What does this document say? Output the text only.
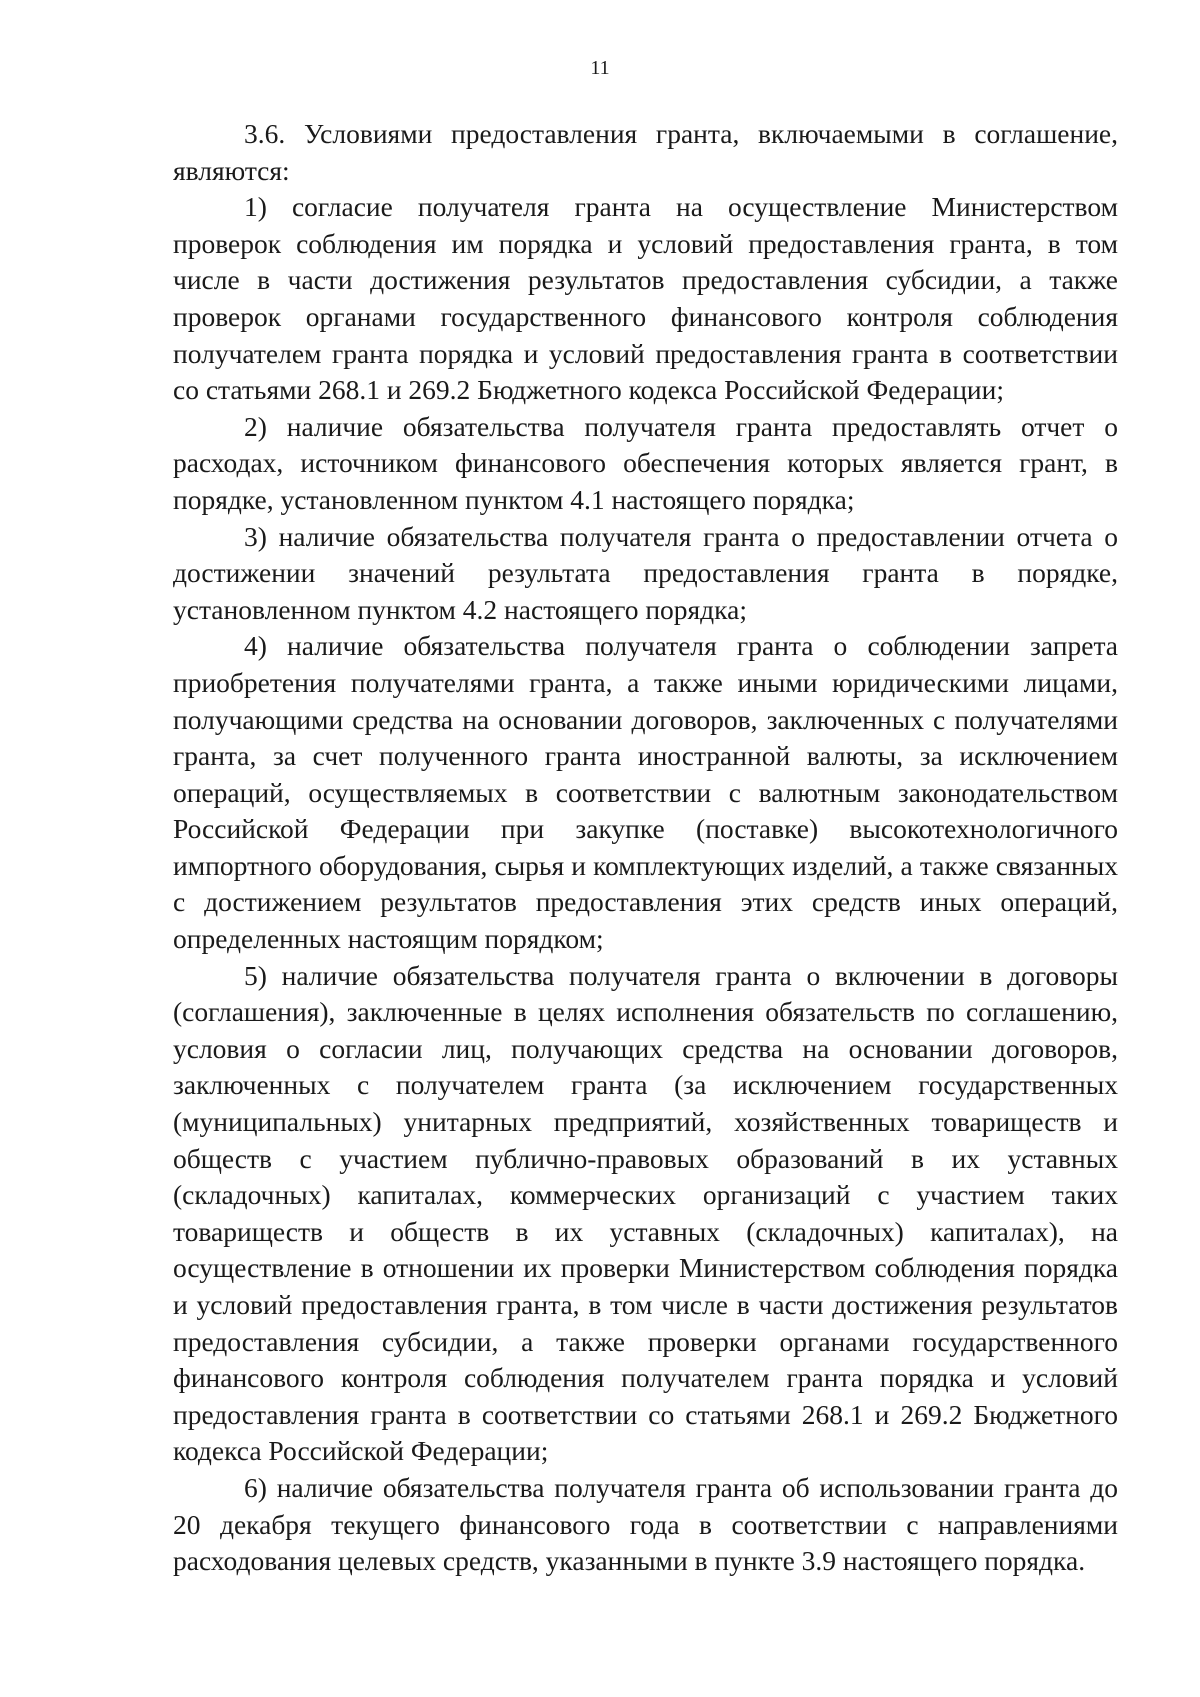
11

3.6. Условиями предоставления гранта, включаемыми в соглашение, являются:

1) согласие получателя гранта на осуществление Министерством проверок соблюдения им порядка и условий предоставления гранта, в том числе в части достижения результатов предоставления субсидии, а также проверок органами государственного финансового контроля соблюдения получателем гранта порядка и условий предоставления гранта в соответствии со статьями 268.1 и 269.2 Бюджетного кодекса Российской Федерации;

2) наличие обязательства получателя гранта предоставлять отчет о расходах, источником финансового обеспечения которых является грант, в порядке, установленном пунктом 4.1 настоящего порядка;

3) наличие обязательства получателя гранта о предоставлении отчета о достижении значений результата предоставления гранта в порядке, установленном пунктом 4.2 настоящего порядка;

4) наличие обязательства получателя гранта о соблюдении запрета приобретения получателями гранта, а также иными юридическими лицами, получающими средства на основании договоров, заключенных с получателями гранта, за счет полученного гранта иностранной валюты, за исключением операций, осуществляемых в соответствии с валютным законодательством Российской Федерации при закупке (поставке) высокотехнологичного импортного оборудования, сырья и комплектующих изделий, а также связанных с достижением результатов предоставления этих средств иных операций, определенных настоящим порядком;

5) наличие обязательства получателя гранта о включении в договоры (соглашения), заключенные в целях исполнения обязательств по соглашению, условия о согласии лиц, получающих средства на основании договоров, заключенных с получателем гранта (за исключением государственных (муниципальных) унитарных предприятий, хозяйственных товариществ и обществ с участием публично-правовых образований в их уставных (складочных) капиталах, коммерческих организаций с участием таких товариществ и обществ в их уставных (складочных) капиталах), на осуществление в отношении их проверки Министерством соблюдения порядка и условий предоставления гранта, в том числе в части достижения результатов предоставления субсидии, а также проверки органами государственного финансового контроля соблюдения получателем гранта порядка и условий предоставления гранта в соответствии со статьями 268.1 и 269.2 Бюджетного кодекса Российской Федерации;

6) наличие обязательства получателя гранта об использовании гранта до 20 декабря текущего финансового года в соответствии с направлениями расходования целевых средств, указанными в пункте 3.9 настоящего порядка.
